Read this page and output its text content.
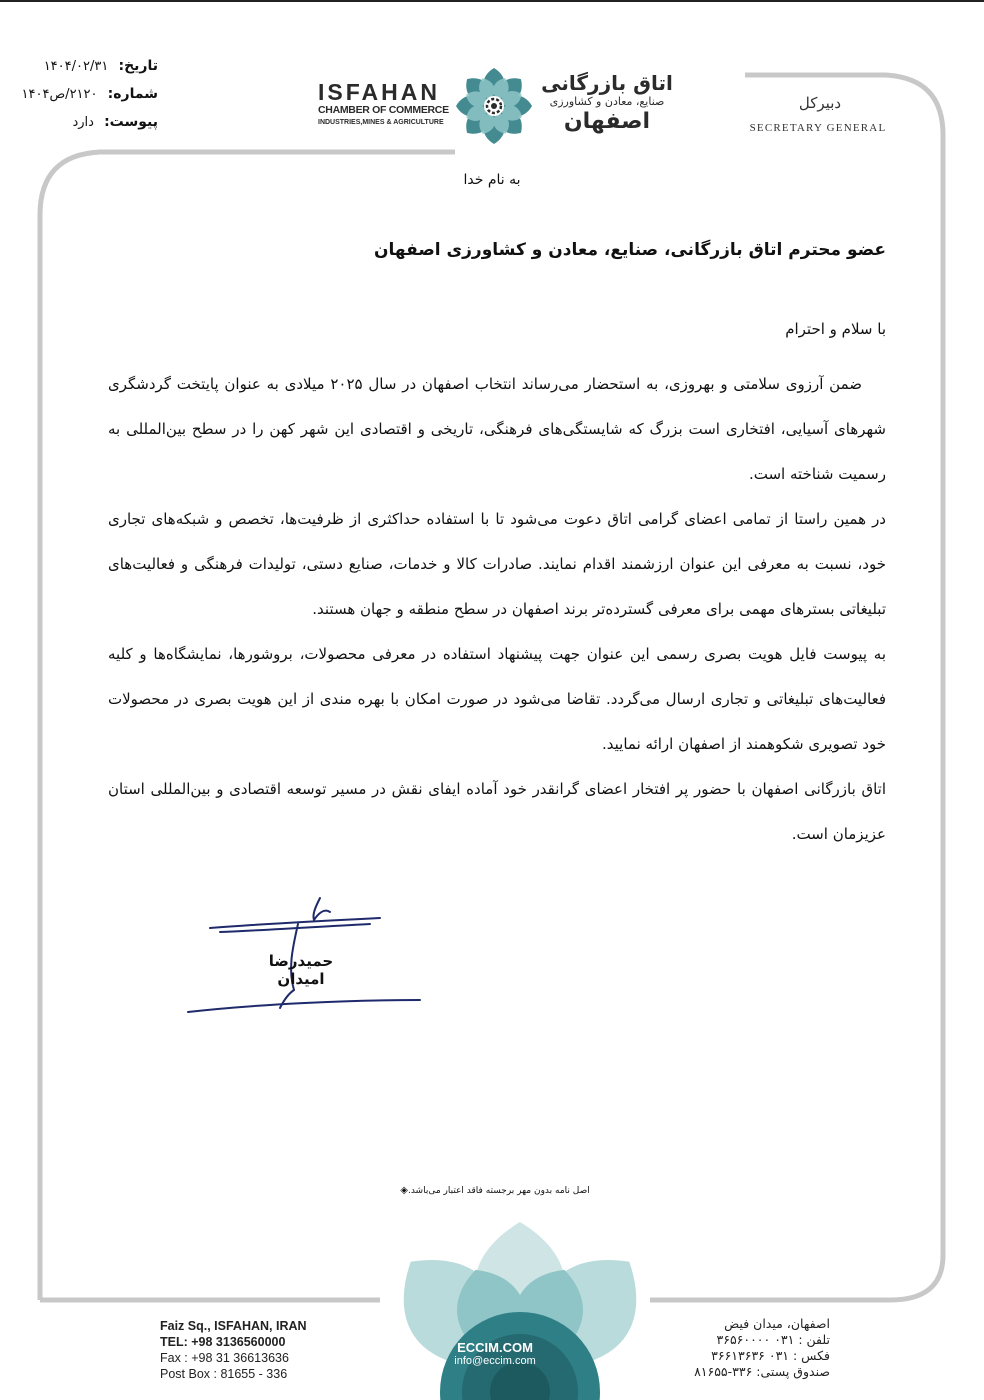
تاریخ: ۱۴۰۴/۰۲/۳۱
شماره: ۲۱۲۰/ص۱۴۰۴
پیوست: دارد
ISFAHAN
CHAMBER OF COMMERCE
INDUSTRIES,MINES & AGRICULTURE
اتاق بازرگانی
صنایع، معادن و کشاورزی
اصفهان
دبیرکل
SECRETARY GENERAL
به نام خدا
عضو محترم اتاق بازرگانی، صنایع، معادن و کشاورزی اصفهان
با سلام و احترام

ضمن آرزوی سلامتی و بهروزی، به استحضار می‌رساند انتخاب اصفهان در سال ۲۰۲۵ میلادی به عنوان پایتخت گردشگری شهرهای آسیایی، افتخاری است بزرگ که شایستگی‌های فرهنگی، تاریخی و اقتصادی این شهر کهن را در سطح بین‌المللی به رسمیت شناخته است.

در همین راستا از تمامی اعضای گرامی اتاق دعوت می‌شود تا با استفاده حداکثری از ظرفیت‌ها، تخصص و شبکه‌های تجاری خود، نسبت به معرفی این عنوان ارزشمند اقدام نمایند. صادرات کالا و خدمات، صنایع دستی، تولیدات فرهنگی و فعالیت‌های تبلیغاتی بسترهای مهمی برای معرفی گسترده‌تر برند اصفهان در سطح منطقه و جهان هستند.

به پیوست فایل هویت بصری رسمی این عنوان جهت پیشنهاد استفاده در معرفی محصولات، بروشورها، نمایشگاه‌ها و کلیه فعالیت‌های تبلیغاتی و تجاری ارسال می‌گردد. تقاضا می‌شود در صورت امکان با بهره مندی از این هویت بصری در محصولات خود تصویری شکوهمند از اصفهان ارائه نمایید.

اتاق بازرگانی اصفهان با حضور پر افتخار اعضای گرانقدر خود آماده ایفای نقش در مسیر توسعه اقتصادی و بین‌المللی استان عزیزمان است.

حمیدرضا امیدان
اصل نامه بدون مهر برجسته فاقد اعتبار می‌باشد.◈
ECCIM.COM
info@eccim.com
Faiz Sq., ISFAHAN, IRAN
TEL: +98 3136560000
Fax : +98 31 36613636
Post Box : 81655 - 336
اصفهان، میدان فیض
تلفن : ۰۳۱ ۳۶۵۶۰۰۰۰
فکس : ۰۳۱ ۳۶۶۱۳۶۳۶
صندوق پستی: ۳۳۶-۸۱۶۵۵
